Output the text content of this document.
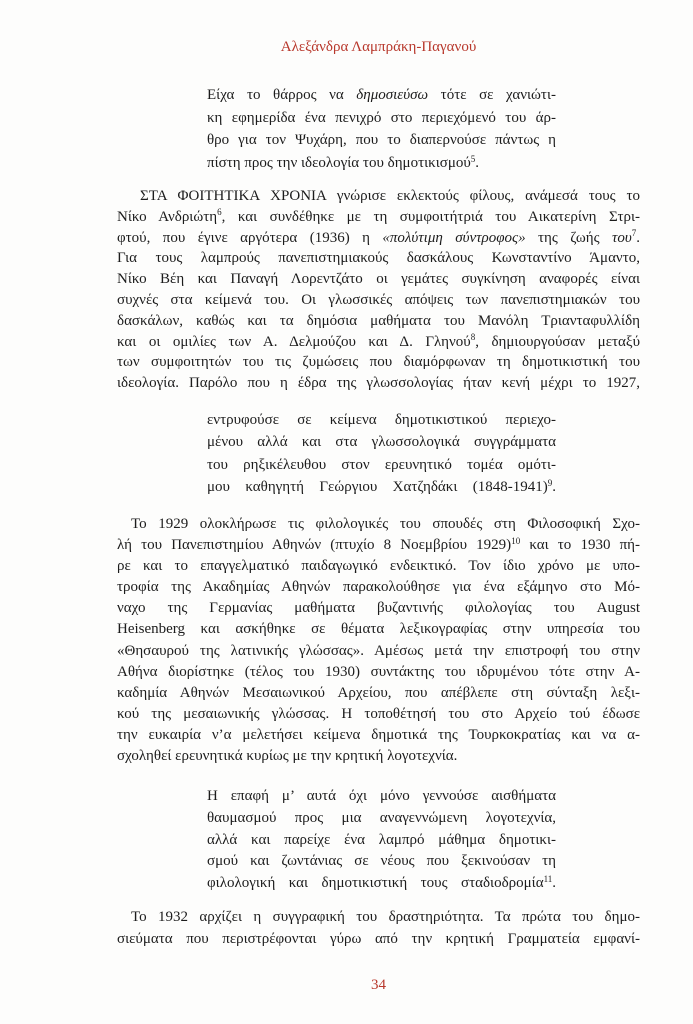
Αλεξάνδρα Λαμπράκη-Παγανού
Είχα το θάρρος να δημοσιεύσω τότε σε χανιώτι-
κη εφημερίδα ένα πενιχρό στο περιεχόμενό του άρ-
θρο για τον Ψυχάρη, που το διαπερνούσε πάντως η
πίστη προς την ιδεολογία του δημοτικισμού$^5$.
ΣΤΑ ΦΟΙΤΗΤΙΚΑ ΧΡΟΝΙΑ γνώρισε εκλεκτούς φίλους, ανάμεσά τους το
Νίκο Ανδριώτη$^6$, και συνδέθηκε με τη συμφοιτήτριά του Αικατερίνη Στρι-
φτού, που έγινε αργότερα (1936) η «πολύτιμη σύντροφος» της ζωής του$^7$.
Για τους λαμπρούς πανεπιστημιακούς δασκάλους Κωνσταντίνο Άμαντο,
Νίκο Βέη και Παναγή Λορεντζάτο οι γεμάτες συγκίνηση αναφορές είναι
συχνές στα κείμενά του. Οι γλωσσικές απόψεις των πανεπιστημιακών του
δασκάλων, καθώς και τα δημόσια μαθήματα του Μανόλη Τριανταφυλλίδη
και οι ομιλίες των Α. Δελμούζου και Δ. Γληνού$^8$, δημιουργούσαν μεταξύ
των συμφοιτητών του τις ζυμώσεις που διαμόρφωναν τη δημοτικιστική του
ιδεολογία. Παρόλο που η έδρα της γλωσσολογίας ήταν κενή μέχρι το 1927,
εντρυφούσε σε κείμενα δημοτικιστικού περιεχο-
μένου αλλά και στα γλωσσολογικά συγγράμματα
του ρηξικέλευθου στον ερευνητικό τομέα ομότι-
μου καθηγητή Γεώργιου Χατζηδάκι (1848-1941)$^9$.
Το 1929 ολοκλήρωσε τις φιλολογικές του σπουδές στη Φιλοσοφική Σχο-
λή του Πανεπιστημίου Αθηνών (πτυχίο 8 Νοεμβρίου 1929)$^{10}$ και το 1930 πή-
ρε και το επαγγελματικό παιδαγωγικό ενδεικτικό. Τον ίδιο χρόνο με υπο-
τροφία της Ακαδημίας Αθηνών παρακολούθησε για ένα εξάμηνο στο Μό-
ναχο της Γερμανίας μαθήματα βυζαντινής φιλολογίας του August
Heisenberg και ασκήθηκε σε θέματα λεξικογραφίας στην υπηρεσία του
«Θησαυρού της λατινικής γλώσσας». Αμέσως μετά την επιστροφή του στην
Αθήνα διορίστηκε (τέλος του 1930) συντάκτης του ιδρυμένου τότε στην Α-
καδημία Αθηνών Μεσαιωνικού Αρχείου, που απέβλεπε στη σύνταξη λεξι-
κού της μεσαιωνικής γλώσσας. Η τοποθέτησή του στο Αρχείο τού έδωσε
την ευκαιρία ν’α μελετήσει κείμενα δημοτικά της Τουρκοκρατίας και να α-
σχοληθεί ερευνητικά κυρίως με την κρητική λογοτεχνία.
Η επαφή μ’ αυτά όχι μόνο γεννούσε αισθήματα
θαυμασμού προς μια αναγεννώμενη λογοτεχνία,
αλλά και παρείχε ένα λαμπρό μάθημα δημοτικι-
σμού και ζωντάνιας σε νέους που ξεκινούσαν τη
φιλολογική και δημοτικιστική τους σταδιοδρομία$^{11}$.
Το 1932 αρχίζει η συγγραφική του δραστηριότητα. Τα πρώτα του δημο-
σιεύματα που περιστρέφονται γύρω από την κρητική Γραμματεία εμφανί-
34
